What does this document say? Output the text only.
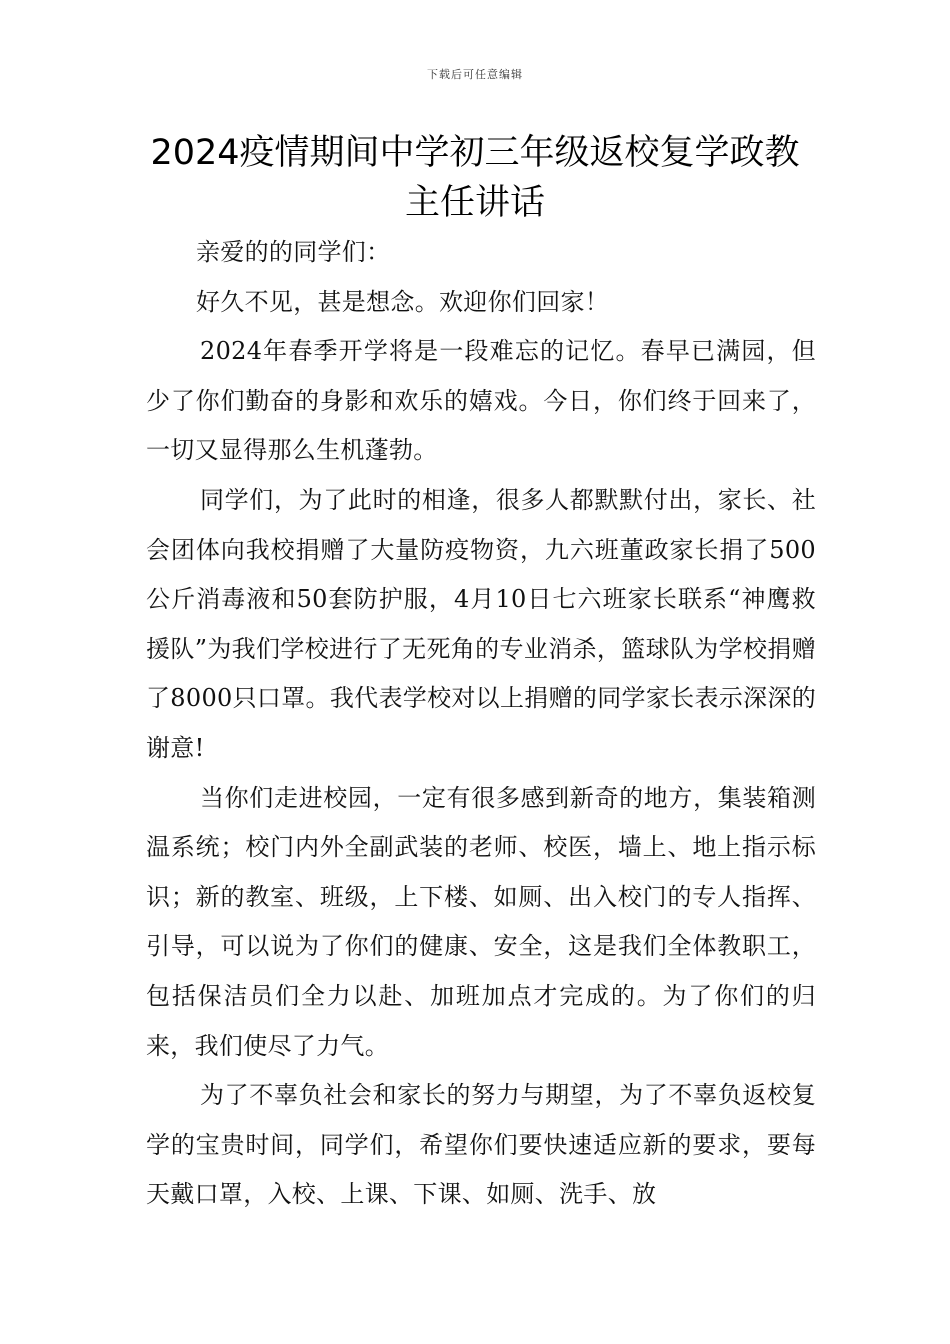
下载后可任意编辑
2024疫情期间中学初三年级返校复学政教
主任讲话

亲爱的的同学们：

好久不见，甚是想念。欢迎你们回家！

2024年春季开学将是一段难忘的记忆。春早已满园，但少了你们勤奋的身影和欢乐的嬉戏。今日，你们终于回来了，一切又显得那么生机蓬勃。

同学们，为了此时的相逢，很多人都默默付出，家长、社会团体向我校捐赠了大量防疫物资，九六班董政家长捐了500公斤消毒液和50套防护服，4月10日七六班家长联系“神鹰救援队”为我们学校进行了无死角的专业消杀，篮球队为学校捐赠了8000只口罩。我代表学校对以上捐赠的同学家长表示深深的谢意!

当你们走进校园，一定有很多感到新奇的地方，集装箱测温系统；校门内外全副武装的老师、校医，墙上、地上指示标识；新的教室、班级，上下楼、如厕、出入校门的专人指挥、引导，可以说为了你们的健康、安全，这是我们全体教职工，包括保洁员们全力以赴、加班加点才完成的。为了你们的归来，我们使尽了力气。

为了不辜负社会和家长的努力与期望，为了不辜负返校复学的宝贵时间，同学们，希望你们要快速适应新的要求，要每天戴口罩，入校、上课、下课、如厕、洗手、放
